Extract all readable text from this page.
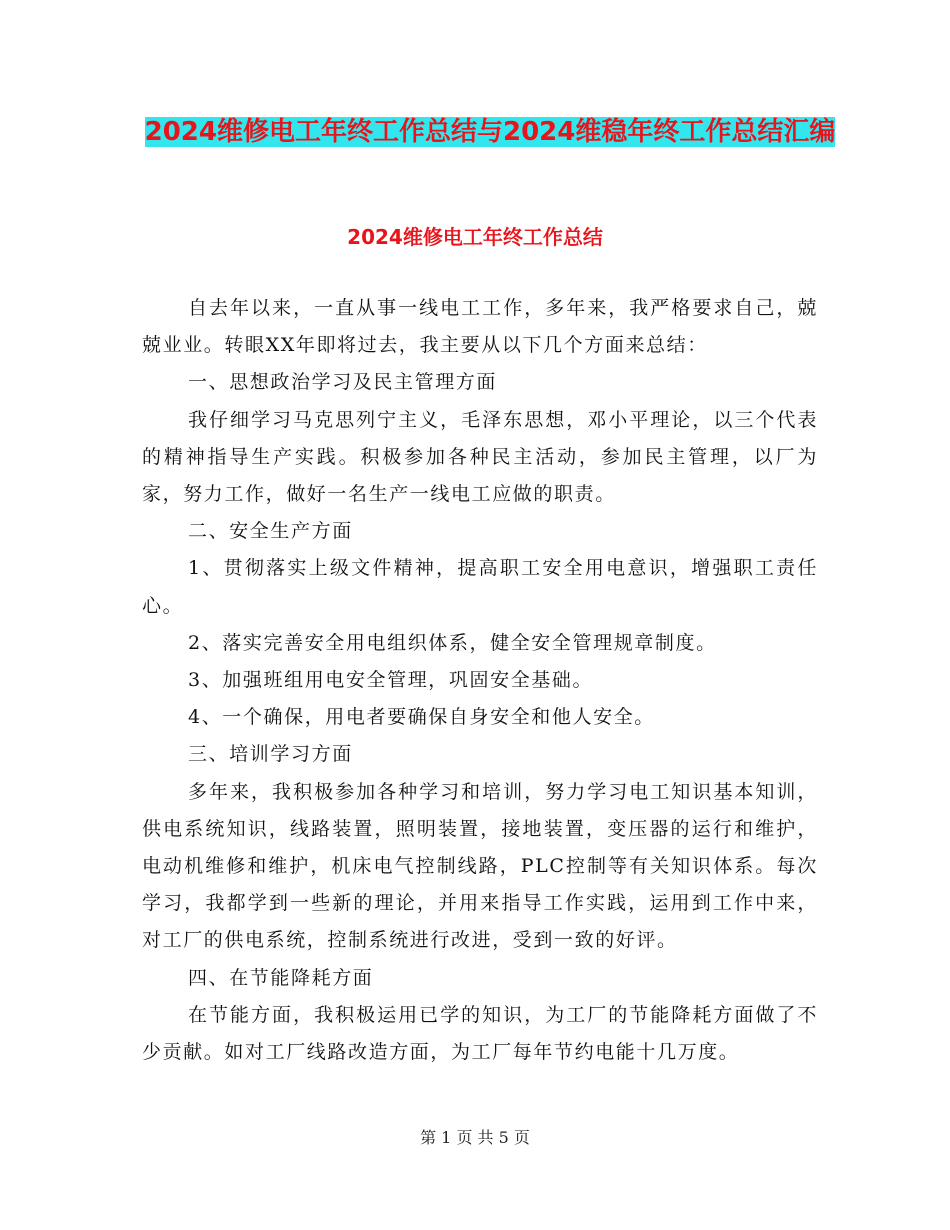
2024维修电工年终工作总结与2024维稳年终工作总结汇编
2024维修电工年终工作总结

自去年以来，一直从事一线电工工作，多年来，我严格要求自己，兢兢业业。转眼XX年即将过去，我主要从以下几个方面来总结：

一、思想政治学习及民主管理方面

我仔细学习马克思列宁主义，毛泽东思想，邓小平理论，以三个代表的精神指导生产实践。积极参加各种民主活动，参加民主管理，以厂为家，努力工作，做好一名生产一线电工应做的职责。

二、安全生产方面

1、贯彻落实上级文件精神，提高职工安全用电意识，增强职工责任心。

2、落实完善安全用电组织体系，健全安全管理规章制度。

3、加强班组用电安全管理，巩固安全基础。

4、一个确保，用电者要确保自身安全和他人安全。

三、培训学习方面

多年来，我积极参加各种学习和培训，努力学习电工知识基本知训，供电系统知识，线路装置，照明装置，接地装置，变压器的运行和维护，电动机维修和维护，机床电气控制线路，PLC控制等有关知识体系。每次学习，我都学到一些新的理论，并用来指导工作实践，运用到工作中来，对工厂的供电系统，控制系统进行改进，受到一致的好评。

四、在节能降耗方面

在节能方面，我积极运用已学的知识，为工厂的节能降耗方面做了不少贡献。如对工厂线路改造方面，为工厂每年节约电能十几万度。

第 1 页 共 5 页
